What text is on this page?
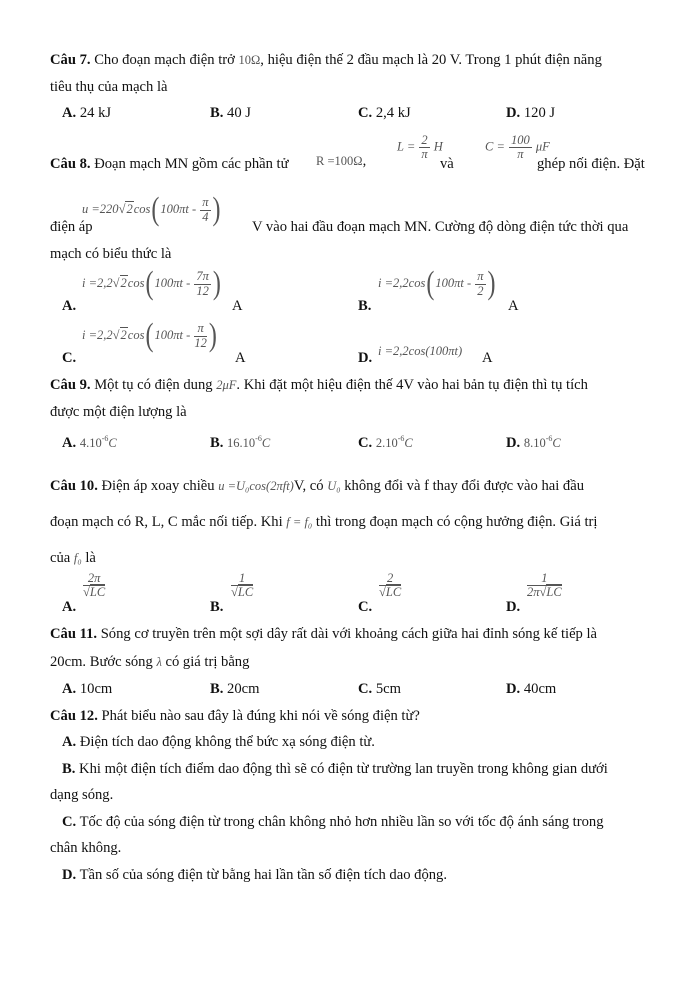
Câu 7. Cho đoạn mạch điện trở 10Ω, hiệu điện thế 2 đầu mạch là 20 V. Trong 1 phút điện năng
tiêu thụ của mạch là
A. 24 kJ	B. 40 J	C. 2,4 kJ	D. 120 J
Câu 8. Đoạn mạch MN gồm các phần tử R =100Ω,
$L = \frac{2}{\pi}$ H
và
$C = \frac{100}{\pi}$ μF
ghép nối điện. Đặt
$u =220√2\cos(100\pi t - \frac{\pi}{4}$ )
điện áp	V vào hai đầu đoạn mạch MN. Cường độ dòng điện tức thời qua
mạch có biểu thức là
A.
$i =2,2√2\cos(100\pi t - \frac{7\pi}{12}$ )
A	B.
$i =2,2\cos(100\pi t - \frac{\pi}{2}$ )
A
C.
$i =2,2√2\cos(100\pi t - \frac{\pi}{12}$ )
A	D. i =2,2cos(100πt) A
Câu 9. Một tụ có điện dung 2μF. Khi đặt một hiệu điện thế 4V vào hai bản tụ điện thì tụ tích
được một điện lượng là
A. $4.10^{-6}C$	B. $16.10^{-6}C$	C. $2.10^{-6}C$	D. $8.10^{-6}C$
Câu 10. Điện áp xoay chiều u =U₀cos(2πft)V, có U₀ không đổi và f thay đổi được vào hai đầu
đoạn mạch có R, L, C mắc nối tiếp. Khi f = f₀ thì trong đoạn mạch có cộng hưởng điện. Giá trị
của f₀ là
A.
$\frac{2\pi}{√LC}$
B.
$\frac{1}{√LC}$
C.
$\frac{2}{√LC}$
D.
$\frac{1}{2\pi√LC}$
Câu 11. Sóng cơ truyền trên một sợi dây rất dài với khoảng cách giữa hai đỉnh sóng kế tiếp là
20cm. Bước sóng λ có giá trị bằng
A. 10cm	B. 20cm	C. 5cm	D. 40cm
Câu 12. Phát biểu nào sau đây là đúng khi nói về sóng điện từ?
A. Điện tích dao động không thể bức xạ sóng điện từ.
B. Khi một điện tích điểm dao động thì sẽ có điện từ trường lan truyền trong không gian dưới
dạng sóng.
C. Tốc độ của sóng điện từ trong chân không nhỏ hơn nhiều lần so với tốc độ ánh sáng trong
chân không.
D. Tần số của sóng điện từ bằng hai lần tần số điện tích dao động.
